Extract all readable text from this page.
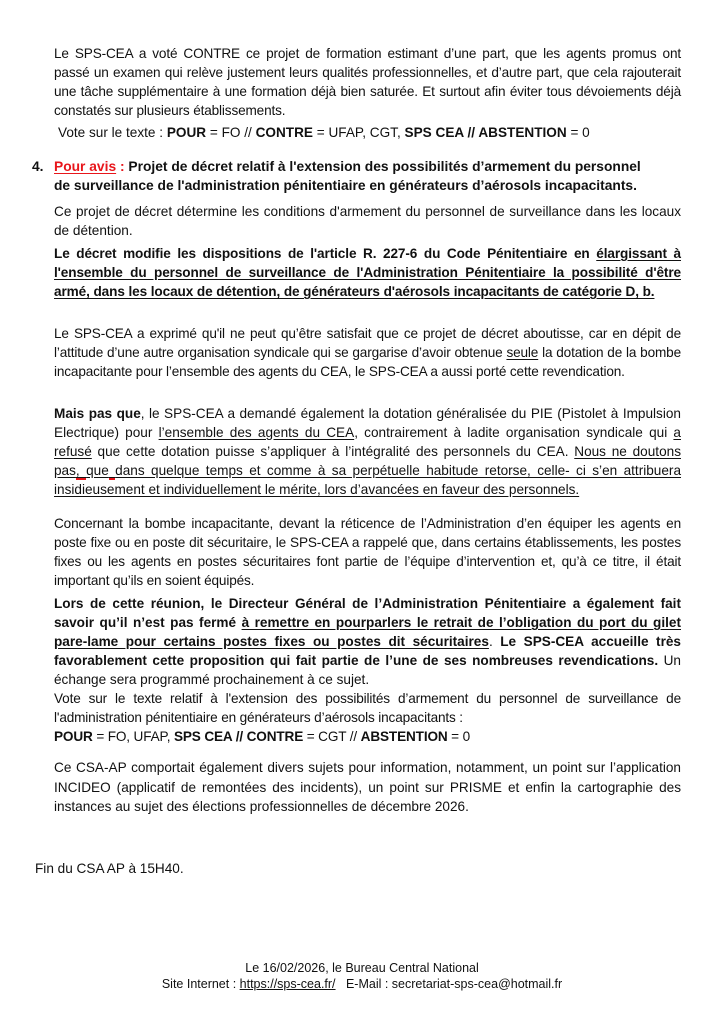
Le SPS-CEA a voté CONTRE ce projet de formation estimant d’une part, que les agents promus ont passé un examen qui relève justement leurs qualités professionnelles, et d’autre part, que cela rajouterait une tâche supplémentaire à une formation déjà bien saturée. Et surtout afin éviter tous dévoiements déjà constatés sur plusieurs établissements.

Vote sur le texte : POUR = FO // CONTRE = UFAP, CGT, SPS CEA // ABSTENTION = 0
4. Pour avis : Projet de décret relatif à l'extension des possibilités d’armement du personnel
de surveillance de l'administration pénitentiaire en générateurs d’aérosols incapacitants.

Ce projet de décret détermine les conditions d'armement du personnel de surveillance dans les locaux de détention.

Le décret modifie les dispositions de l'article R. 227-6 du Code Pénitentiaire en élargissant à l'ensemble du personnel de surveillance de l'Administration Pénitentiaire la possibilité d'être armé, dans les locaux de détention, de générateurs d'aérosols incapacitants de catégorie D, b.

Le SPS-CEA a exprimé qu'il ne peut qu’être satisfait que ce projet de décret aboutisse, car en dépit de l’attitude d’une autre organisation syndicale qui se gargarise d’avoir obtenue seule la dotation de la bombe incapacitante pour l’ensemble des agents du CEA, le SPS-CEA a aussi porté cette revendication.

Mais pas que, le SPS-CEA a demandé également la dotation généralisée du PIE (Pistolet à Impulsion Electrique) pour l’ensemble des agents du CEA, contrairement à ladite organisation syndicale qui a refusé que cette dotation puisse s’appliquer à l’intégralité des personnels du CEA. Nous ne doutons pas, que dans quelque temps et comme à sa perpétuelle habitude retorse, celle- ci s’en attribuera insidieusement et individuellement le mérite, lors d’avancées en faveur des personnels.

Concernant la bombe incapacitante, devant la réticence de l’Administration d’en équiper les agents en poste fixe ou en poste dit sécuritaire, le SPS-CEA a rappelé que, dans certains établissements, les postes fixes ou les agents en postes sécuritaires font partie de l’équipe d’intervention et, qu’à ce titre, il était important qu’ils en soient équipés.

Lors de cette réunion, le Directeur Général de l’Administration Pénitentiaire a également fait savoir qu’il n’est pas fermé à remettre en pourparlers le retrait de l’obligation du port du gilet pare-lame pour certains postes fixes ou postes dit sécuritaires. Le SPS-CEA accueille très favorablement cette proposition qui fait partie de l’une de ses nombreuses revendications. Un échange sera programmé prochainement à ce sujet.

Vote sur le texte relatif à l'extension des possibilités d’armement du personnel de surveillance de l'administration pénitentiaire en générateurs d’aérosols incapacitants :
POUR = FO, UFAP, SPS CEA // CONTRE = CGT // ABSTENTION = 0

Ce CSA-AP comportait également divers sujets pour information, notamment, un point sur l’application INCIDEO (applicatif de remontées des incidents), un point sur PRISME et enfin la cartographie des instances au sujet des élections professionnelles de décembre 2026.

Fin du CSA AP à 15H40.
Le 16/02/2026, le Bureau Central National
Site Internet : https://sps-cea.fr/   E-Mail : secretariat-sps-cea@hotmail.fr
